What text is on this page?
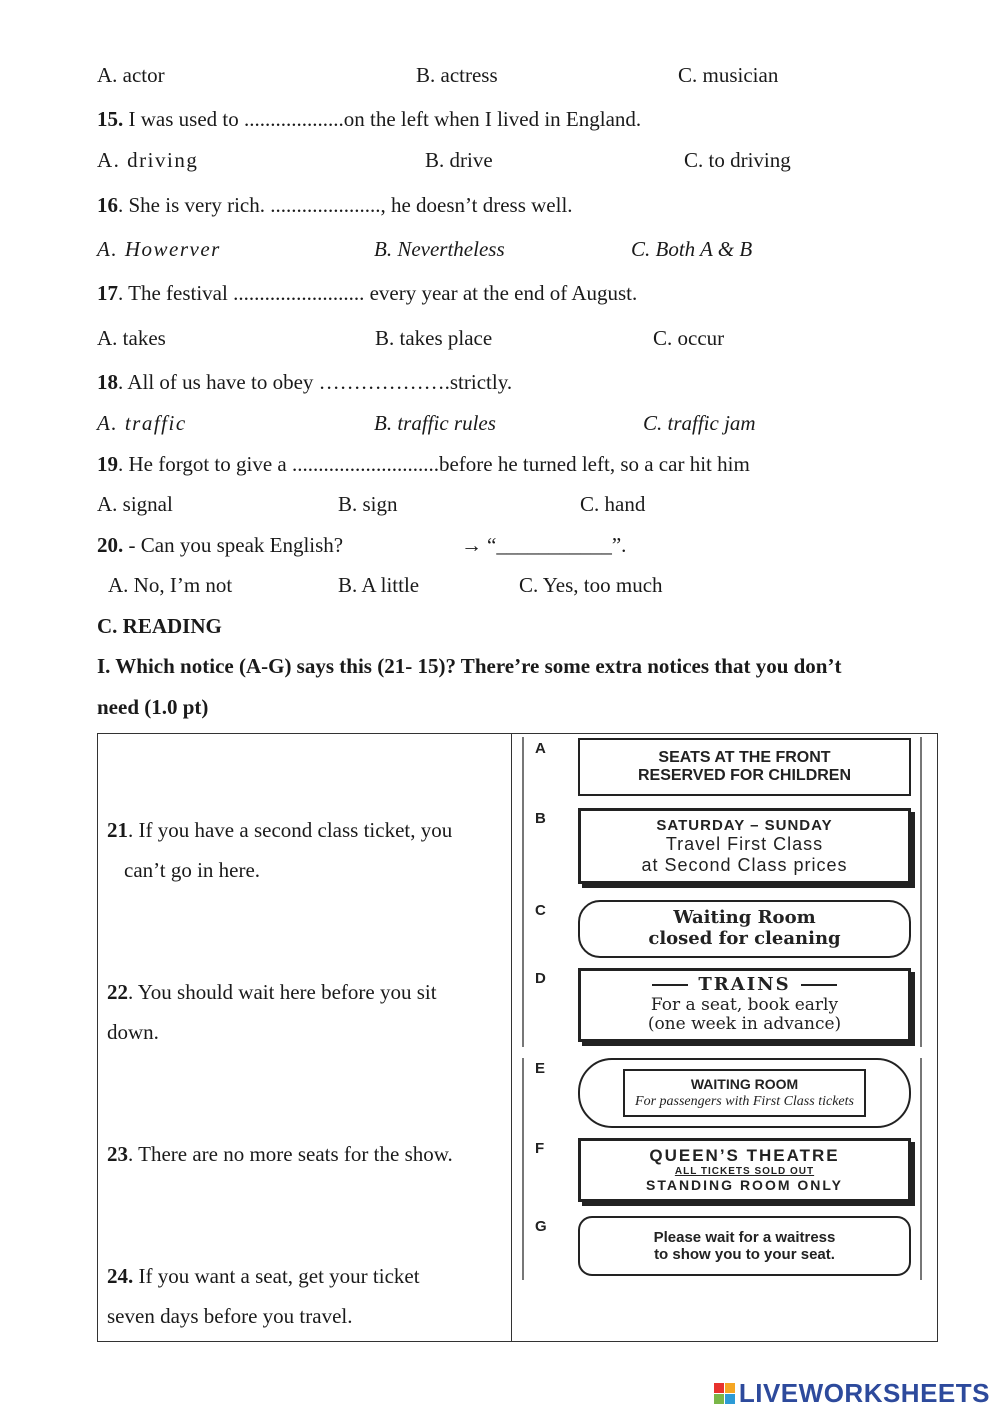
A. actor	B. actress	C. musician
15. I was used to ...................on the left when I lived in England.
A. driving	B. drive	C. to driving
16. She is very rich. ....................., he doesn’t dress well.
A. Howerver	B. Nevertheless	C. Both A & B
17. The festival ......................... every year at the end of August.
A. takes	B. takes place	C. occur
18. All of us have to obey ……………….strictly.
A. traffic	B. traffic rules	C. traffic jam
19. He forgot to give a ............................before he turned left, so a car hit him
A. signal	B. sign	C. hand
20. - Can you speak English?	→ “___________”.
A. No, I’m not	B. A little	C. Yes, too much
C. READING
I. Which notice (A-G) says this (21- 15)? There’re some extra notices that you don’t
need (1.0 pt)
21. If you have a second class ticket, you
can’t go in here.
22. You should wait here before you sit
down.
23. There are no more seats for the show.
24. If you want a seat, get your ticket
seven days before you travel.
A
SEATS AT THE FRONT
RESERVED FOR CHILDREN
B	SATURDAY – SUNDAY
Travel First Class
at Second Class prices
C	Waiting Room
closed for cleaning
D	TRAINS
For a seat, book early
(one week in advance)
E
WAITING ROOM
For passengers with First Class tickets
F	QUEEN’S THEATRE
ALL TICKETS SOLD OUT
STANDING ROOM ONLY
G
Please wait for a waitress
to show you to your seat.
LIVEWORKSHEETS
